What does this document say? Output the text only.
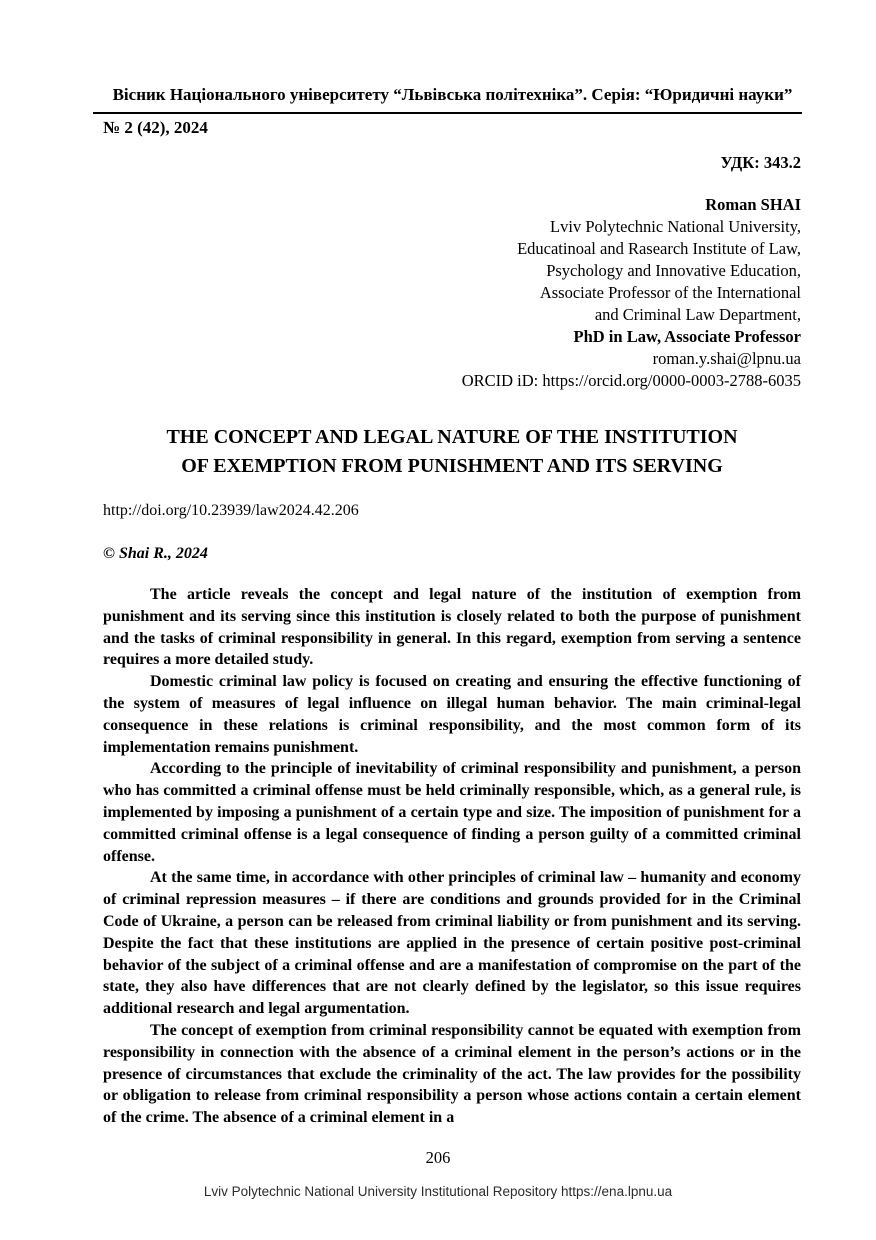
Вісник Національного університету “Львівська політехніка”. Серія: “Юридичні науки”
№ 2 (42), 2024
УДК: 343.2
Roman SHAI
Lviv Polytechnic National University,
Educatinoal and Rasearch Institute of Law,
Psychology and Innovative Education,
Associate Professor of the International
and Criminal Law Department,
PhD in Law, Associate Professor
roman.y.shai@lpnu.ua
ORCID iD: https://orcid.org/0000-0003-2788-6035
THE CONCEPT AND LEGAL NATURE OF THE INSTITUTION
OF EXEMPTION FROM PUNISHMENT AND ITS SERVING
http://doi.org/10.23939/law2024.42.206
© Shai R., 2024

The article reveals the concept and legal nature of the institution of exemption from punishment and its serving since this institution is closely related to both the purpose of punishment and the tasks of criminal responsibility in general. In this regard, exemption from serving a sentence requires a more detailed study.

Domestic criminal law policy is focused on creating and ensuring the effective functioning of the system of measures of legal influence on illegal human behavior. The main criminal-legal consequence in these relations is criminal responsibility, and the most common form of its implementation remains punishment.

According to the principle of inevitability of criminal responsibility and punishment, a person who has committed a criminal offense must be held criminally responsible, which, as a general rule, is implemented by imposing a punishment of a certain type and size. The imposition of punishment for a committed criminal offense is a legal consequence of finding a person guilty of a committed criminal offense.

At the same time, in accordance with other principles of criminal law – humanity and economy of criminal repression measures – if there are conditions and grounds provided for in the Criminal Code of Ukraine, a person can be released from criminal liability or from punishment and its serving. Despite the fact that these institutions are applied in the presence of certain positive post-criminal behavior of the subject of a criminal offense and are a manifestation of compromise on the part of the state, they also have differences that are not clearly defined by the legislator, so this issue requires additional research and legal argumentation.

The concept of exemption from criminal responsibility cannot be equated with exemption from responsibility in connection with the absence of a criminal element in the person’s actions or in the presence of circumstances that exclude the criminality of the act. The law provides for the possibility or obligation to release from criminal responsibility a person whose actions contain a certain element of the crime. The absence of a criminal element in a

206
Lviv Polytechnic National University Institutional Repository https://ena.lpnu.ua
